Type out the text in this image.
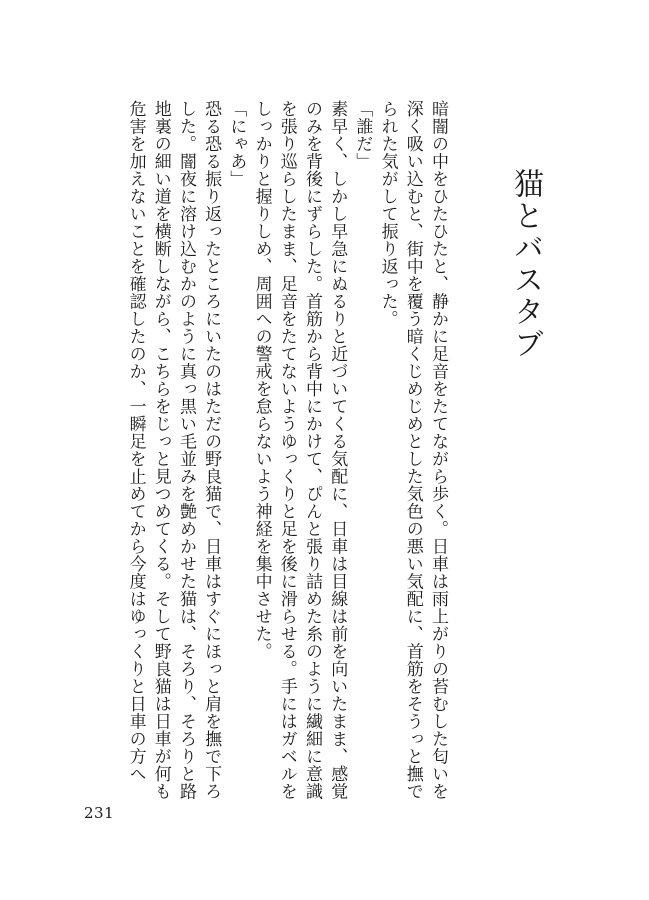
猫とバスタブ

暗闇の中をひたひたと、静かに足音をたてながら歩く。日車は雨上がりの苔むした匂いを深く吸い込むと、街中を覆う暗くじめじめとした気色の悪い気配に、首筋をそうっと撫でられた気がして振り返った。

「誰だ」

素早く、しかし早急にぬるりと近づいてくる気配に、日車は目線は前を向いたまま、感覚のみを背後にずらした。首筋から背中にかけて、ぴんと張り詰めた糸のように繊細に意識を張り巡らしたまま、足音をたてないようゆっくりと足を後に滑らせる。手にはガベルをしっかりと握りしめ、周囲への警戒を怠らないよう神経を集中させた。

「にゃあ」

恐る恐る振り返ったところにいたのはただの野良猫で、日車はすぐにほっと肩を撫で下ろした。闇夜に溶け込むかのように真っ黒い毛並みを艶めかせた猫は、そろり、そろりと路地裏の細い道を横断しながら、こちらをじっと見つめてくる。そして野良猫は日車が何も危害を加えないことを確認したのか、一瞬足を止めてから今度はゆっくりと日車の方へ

231
